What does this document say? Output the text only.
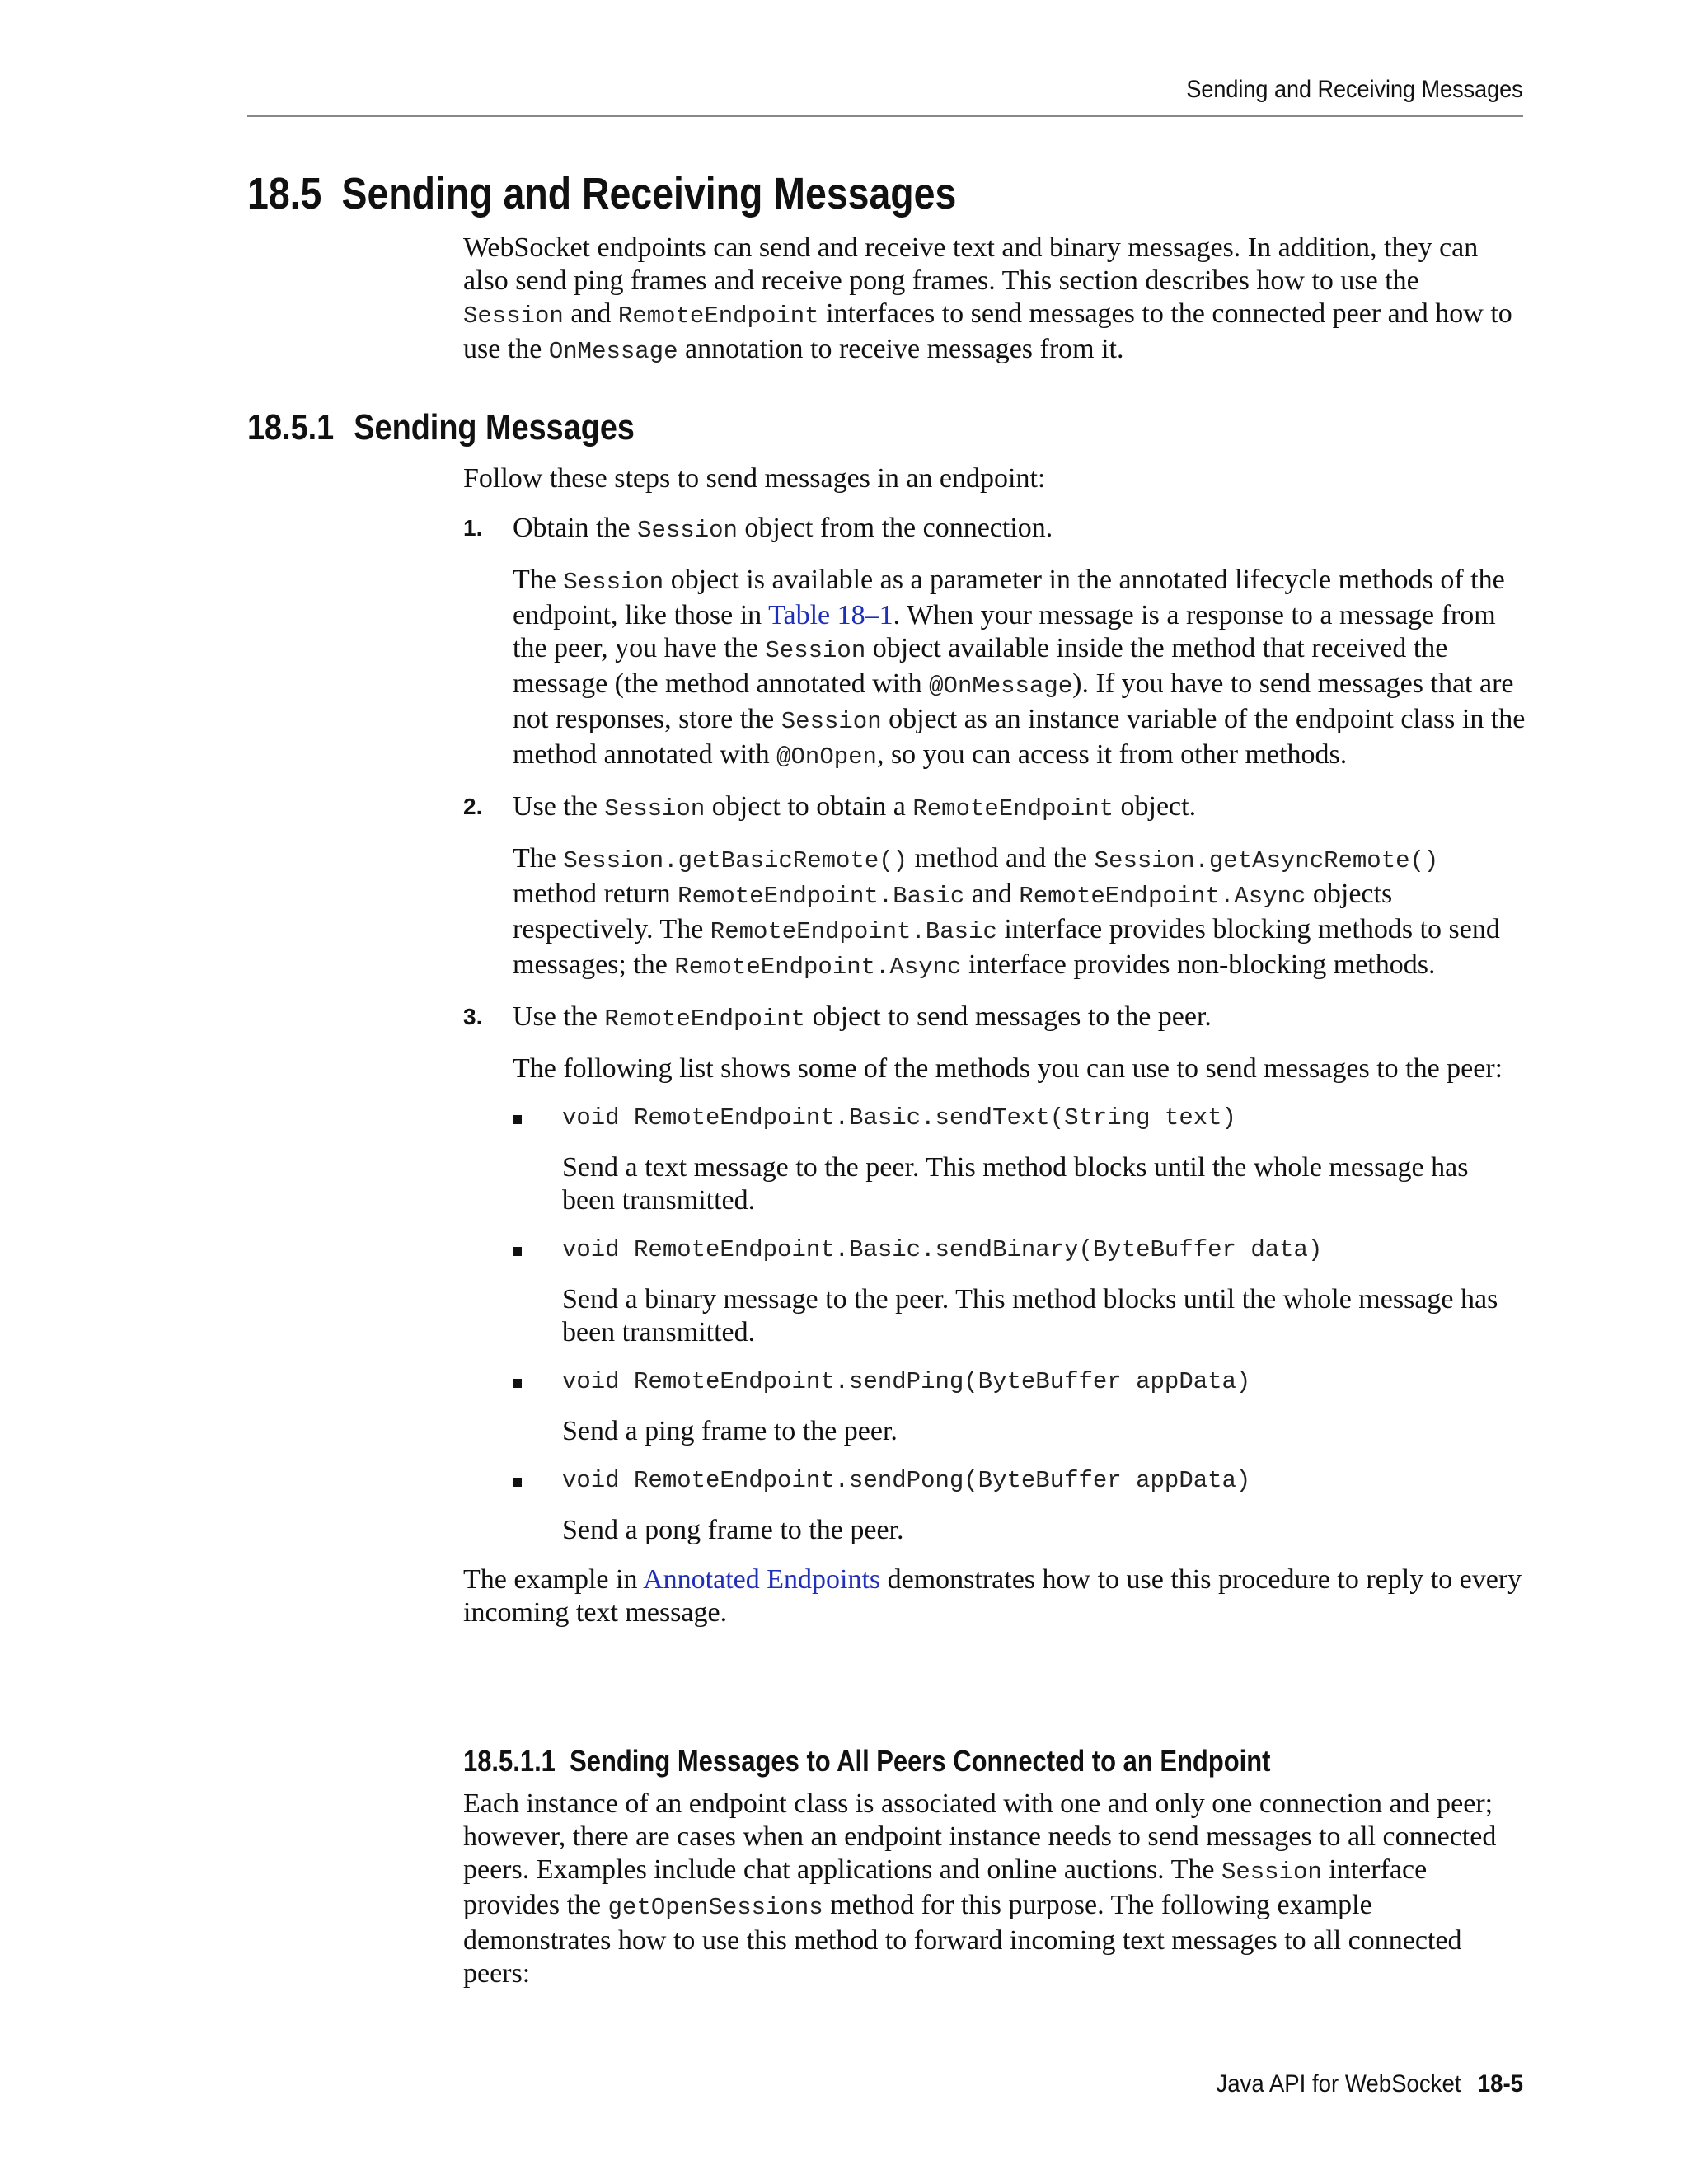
Sending and Receiving Messages
18.5 Sending and Receiving Messages

WebSocket endpoints can send and receive text and binary messages. In addition, they can also send ping frames and receive pong frames. This section describes how to use the Session and RemoteEndpoint interfaces to send messages to the connected peer and how to use the OnMessage annotation to receive messages from it.

18.5.1 Sending Messages

Follow these steps to send messages in an endpoint:

1. Obtain the Session object from the connection.

The Session object is available as a parameter in the annotated lifecycle methods of the endpoint, like those in Table 18–1. When your message is a response to a message from the peer, you have the Session object available inside the method that received the message (the method annotated with @OnMessage). If you have to send messages that are not responses, store the Session object as an instance variable of the endpoint class in the method annotated with @OnOpen, so you can access it from other methods.

2. Use the Session object to obtain a RemoteEndpoint object.

The Session.getBasicRemote() method and the Session.getAsyncRemote() method return RemoteEndpoint.Basic and RemoteEndpoint.Async objects respectively. The RemoteEndpoint.Basic interface provides blocking methods to send messages; the RemoteEndpoint.Async interface provides non-blocking methods.

3. Use the RemoteEndpoint object to send messages to the peer.

The following list shows some of the methods you can use to send messages to the peer:

void RemoteEndpoint.Basic.sendText(String text)

Send a text message to the peer. This method blocks until the whole message has been transmitted.

void RemoteEndpoint.Basic.sendBinary(ByteBuffer data)

Send a binary message to the peer. This method blocks until the whole message has been transmitted.

void RemoteEndpoint.sendPing(ByteBuffer appData)

Send a ping frame to the peer.

void RemoteEndpoint.sendPong(ByteBuffer appData)

Send a pong frame to the peer.

The example in Annotated Endpoints demonstrates how to use this procedure to reply to every incoming text message.

18.5.1.1 Sending Messages to All Peers Connected to an Endpoint

Each instance of an endpoint class is associated with one and only one connection and peer; however, there are cases when an endpoint instance needs to send messages to all connected peers. Examples include chat applications and online auctions. The Session interface provides the getOpenSessions method for this purpose. The following example demonstrates how to use this method to forward incoming text messages to all connected peers:

Java API for WebSocket 18-5
